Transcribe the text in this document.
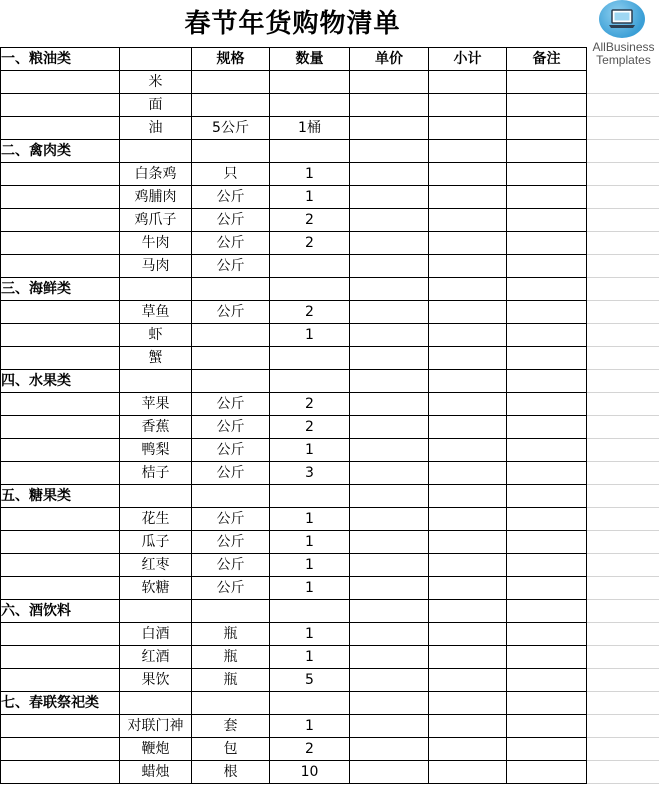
春节年货购物清单
AllBusiness
Templates
一、粮油类		规格	数量	单价	小计	备注
	米					
	面					
	油	5公斤	1桶			
二、禽肉类						
	白条鸡	只	1			
	鸡脯肉	公斤	1			
	鸡爪子	公斤	2			
	牛肉	公斤	2			
	马肉	公斤				
三、海鲜类						
	草鱼	公斤	2			
	虾		1			
	蟹					
四、水果类						
	苹果	公斤	2			
	香蕉	公斤	2			
	鸭梨	公斤	1			
	桔子	公斤	3			
五、糖果类						
	花生	公斤	1			
	瓜子	公斤	1			
	红枣	公斤	1			
	软糖	公斤	1			
六、酒饮料						
	白酒	瓶	1			
	红酒	瓶	1			
	果饮	瓶	5			
七、春联祭祀类						
	对联门神	套	1			
	鞭炮	包	2			
	蜡烛	根	10			
